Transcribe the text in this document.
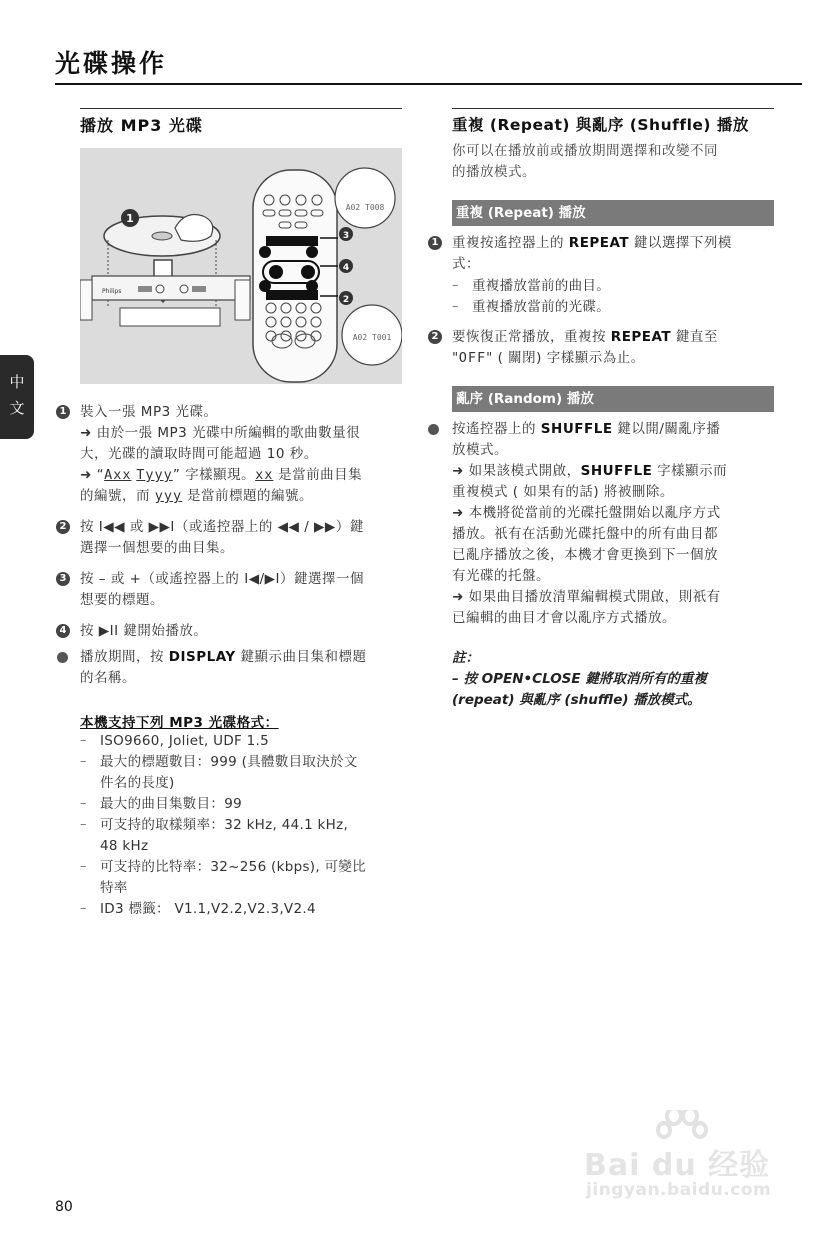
光碟操作
中
文
播放 MP3 光碟
Philips
1
3
4
2
A02 T008
A02 T001
1 裝入一張 MP3 光碟。
➜ 由於一張 MP3 光碟中所編輯的歌曲數量很
大，光碟的讀取時間可能超過 10 秒。
➜ “Axx Tyyy” 字樣顯現。xx 是當前曲目集
的編號，而 yyy 是當前標題的編號。
2 按 I◀◀ 或 ▶▶I（或遙控器上的 ◀◀ / ▶▶）鍵
選擇一個想要的曲目集。
3 按 – 或 +（或遙控器上的 I◀/▶I）鍵選擇一個
想要的標題。
4 按 ▶II 鍵開始播放。
播放期間，按 DISPLAY 鍵顯示曲目集和標題
的名稱。
本機支持下列 MP3 光碟格式：
– ISO9660, Joliet, UDF 1.5
– 最大的標題數目：999 (具體數目取決於文
件名的長度)
– 最大的曲目集數目：99
– 可支持的取樣頻率：32 kHz, 44.1 kHz,
48 kHz
– 可支持的比特率：32~256 (kbps), 可變比
特率
– ID3 標籤： V1.1,V2.2,V2.3,V2.4
重複 (Repeat) 與亂序 (Shuffle) 播放
你可以在播放前或播放期間選擇和改變不同
的播放模式。
重複 (Repeat) 播放
1 重複按遙控器上的 REPEAT 鍵以選擇下列模
式：
– 重複播放當前的曲目。
– 重複播放當前的光碟。
2 要恢復正常播放，重複按 REPEAT 鍵直至
"OFF" ( 關閉) 字樣顯示為止。
亂序 (Random) 播放
按遙控器上的 SHUFFLE 鍵以開/關亂序播
放模式。
➜ 如果該模式開啟，SHUFFLE 字樣顯示而
重複模式 ( 如果有的話) 將被刪除。
➜ 本機將從當前的光碟托盤開始以亂序方式
播放。祇有在活動光碟托盤中的所有曲目都
已亂序播放之後，本機才會更換到下一個放
有光碟的托盤。
➜ 如果曲目播放清單編輯模式開啟，則祇有
已編輯的曲目才會以亂序方式播放。
註：
– 按 OPEN•CLOSE 鍵將取消所有的重複
(repeat) 與亂序 (shuffle) 播放模式。
Bai du 经验
jingyan.baidu.com
80
